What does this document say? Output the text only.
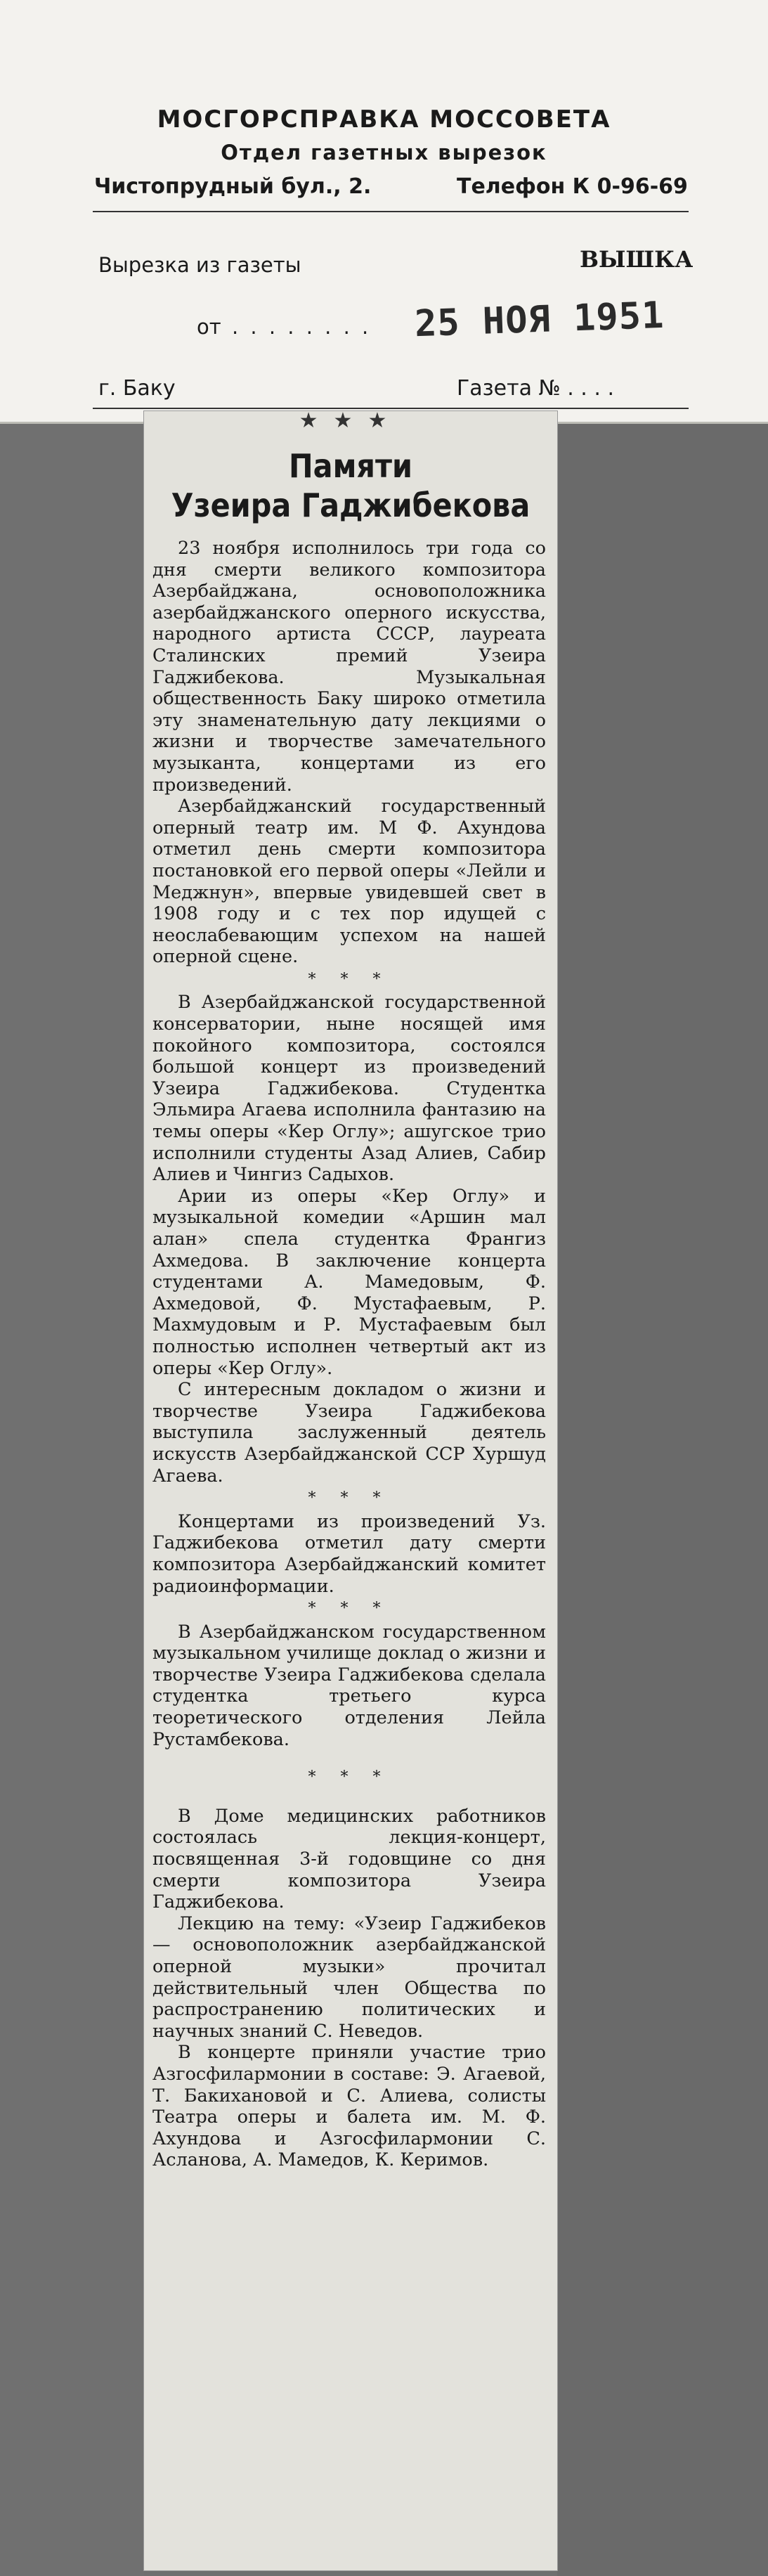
МОСГОРСПРАВКА МОССОВЕТА
Отдел газетных вырезок
Чистопрудный бул., 2.	Телефон К 0-96-69
Вырезка из газеты	ВЫШКА
от . . . . . . . . 25 НОЯ 1951
г. Баку	Газета № . . . .
★★★
Памяти
Узеира Гаджибекова

23 ноября исполнилось три года со дня смерти великого композитора Азербайджана, основоположника азербайджанского оперного искусства, народного артиста СССР, лауреата Сталинских премий Узеира Гаджибекова. Музыкальная общественность Баку широко отметила эту знаменательную дату лекциями о жизни и творчестве замечательного музыканта, концертами из его произведений.

Азербайджанский государственный оперный театр им. М Ф. Ахундова отметил день смерти композитора постановкой его первой оперы «Лейли и Меджнун», впервые увидевшей свет в 1908 году и с тех пор идущей с неослабевающим успехом на нашей оперной сцене.

* * *

В Азербайджанской государственной консерватории, ныне носящей имя покойного композитора, состоялся большой концерт из произведений Узеира Гаджибекова. Студентка Эльмира Агаева исполнила фантазию на темы оперы «Кер Оглу»; ашугское трио исполнили студенты Азад Алиев, Сабир Алиев и Чингиз Садыхов.

Арии из оперы «Кер Оглу» и музыкальной комедии «Аршин мал алан» спела студентка Франгиз Ахмедова. В заключение концерта студентами А. Мамедовым, Ф. Ахмедовой, Ф. Мустафаевым, Р. Махмудовым и Р. Мустафаевым был полностью исполнен четвертый акт из оперы «Кер Оглу».

С интересным докладом о жизни и творчестве Узеира Гаджибекова выступила заслуженный деятель искусств Азербайджанской ССР Хуршуд Агаева.

* * *

Концертами из произведений Уз. Гаджибекова отметил дату смерти композитора Азербайджанский комитет радиоинформации.

* * *

В Азербайджанском государственном музыкальном училище доклад о жизни и творчестве Узеира Гаджибекова сделала студентка третьего курса теоретического отделения Лейла Рустамбекова.

* * *

В Доме медицинских работников состоялась лекция-концерт, посвященная 3-й годовщине со дня смерти композитора Узеира Гаджибекова.

Лекцию на тему: «Узеир Гаджибеков — основоположник азербайджанской оперной музыки» прочитал действительный член Общества по распространению политических и научных знаний С. Неведов.

В концерте приняли участие трио Азгосфилармонии в составе: Э. Агаевой, Т. Бакихановой и С. Алиева, солисты Театра оперы и балета им. М. Ф. Ахундова и Азгосфилармонии С. Асланова, А. Мамедов, К. Керимов.
